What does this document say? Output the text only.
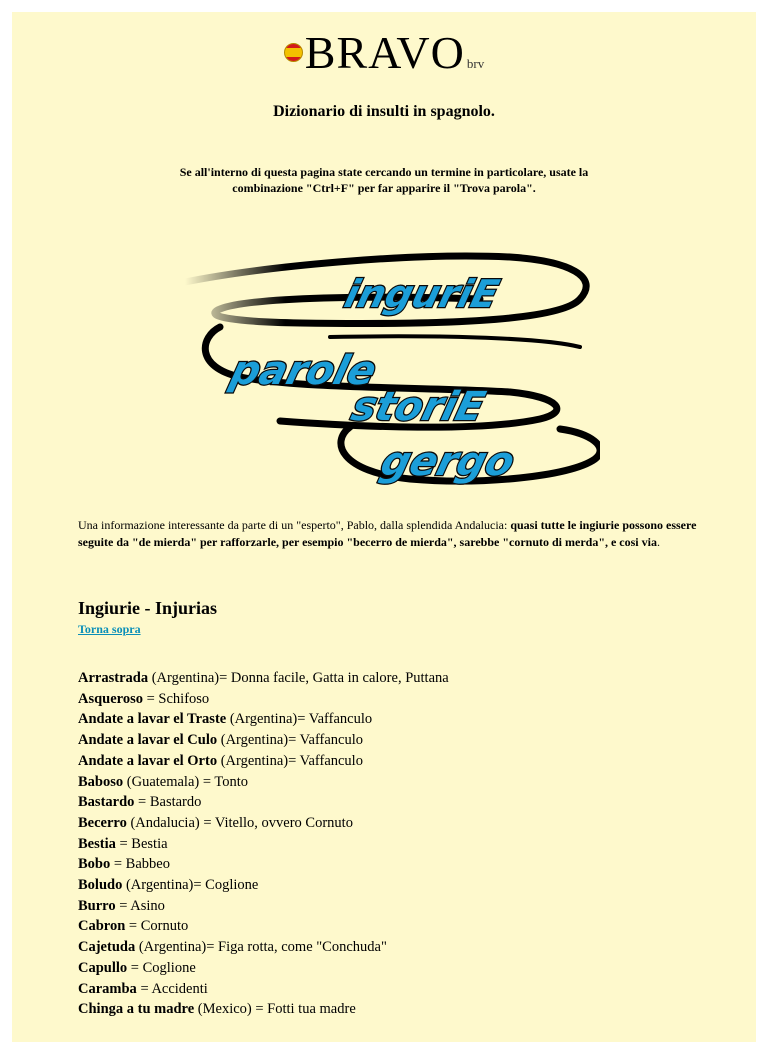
BRAVO brv
Dizionario di insulti in spagnolo.
Se all'interno di questa pagina state cercando un termine in particolare, usate la
combinazione "Ctrl+F" per far apparire il "Trova parola".
inguriE
parole
storiE
gergo
Una informazione interessante da parte di un "esperto", Pablo, dalla splendida Andalucia: quasi tutte le ingiurie possono essere seguite da "de mierda" per rafforzarle, per esempio "becerro de mierda", sarebbe "cornuto di merda", e cosi via.
Ingiurie - Injurias
Torna sopra
Arrastrada (Argentina)= Donna facile, Gatta in calore, Puttana
Asqueroso = Schifoso
Andate a lavar el Traste (Argentina)= Vaffanculo
Andate a lavar el Culo (Argentina)= Vaffanculo
Andate a lavar el Orto (Argentina)= Vaffanculo
Baboso (Guatemala) = Tonto
Bastardo = Bastardo
Becerro (Andalucia) = Vitello, ovvero Cornuto
Bestia = Bestia
Bobo = Babbeo
Boludo (Argentina)= Coglione
Burro = Asino
Cabron = Cornuto
Cajetuda (Argentina)= Figa rotta, come "Conchuda"
Capullo = Coglione
Caramba = Accidenti
Chinga a tu madre (Mexico) = Fotti tua madre
